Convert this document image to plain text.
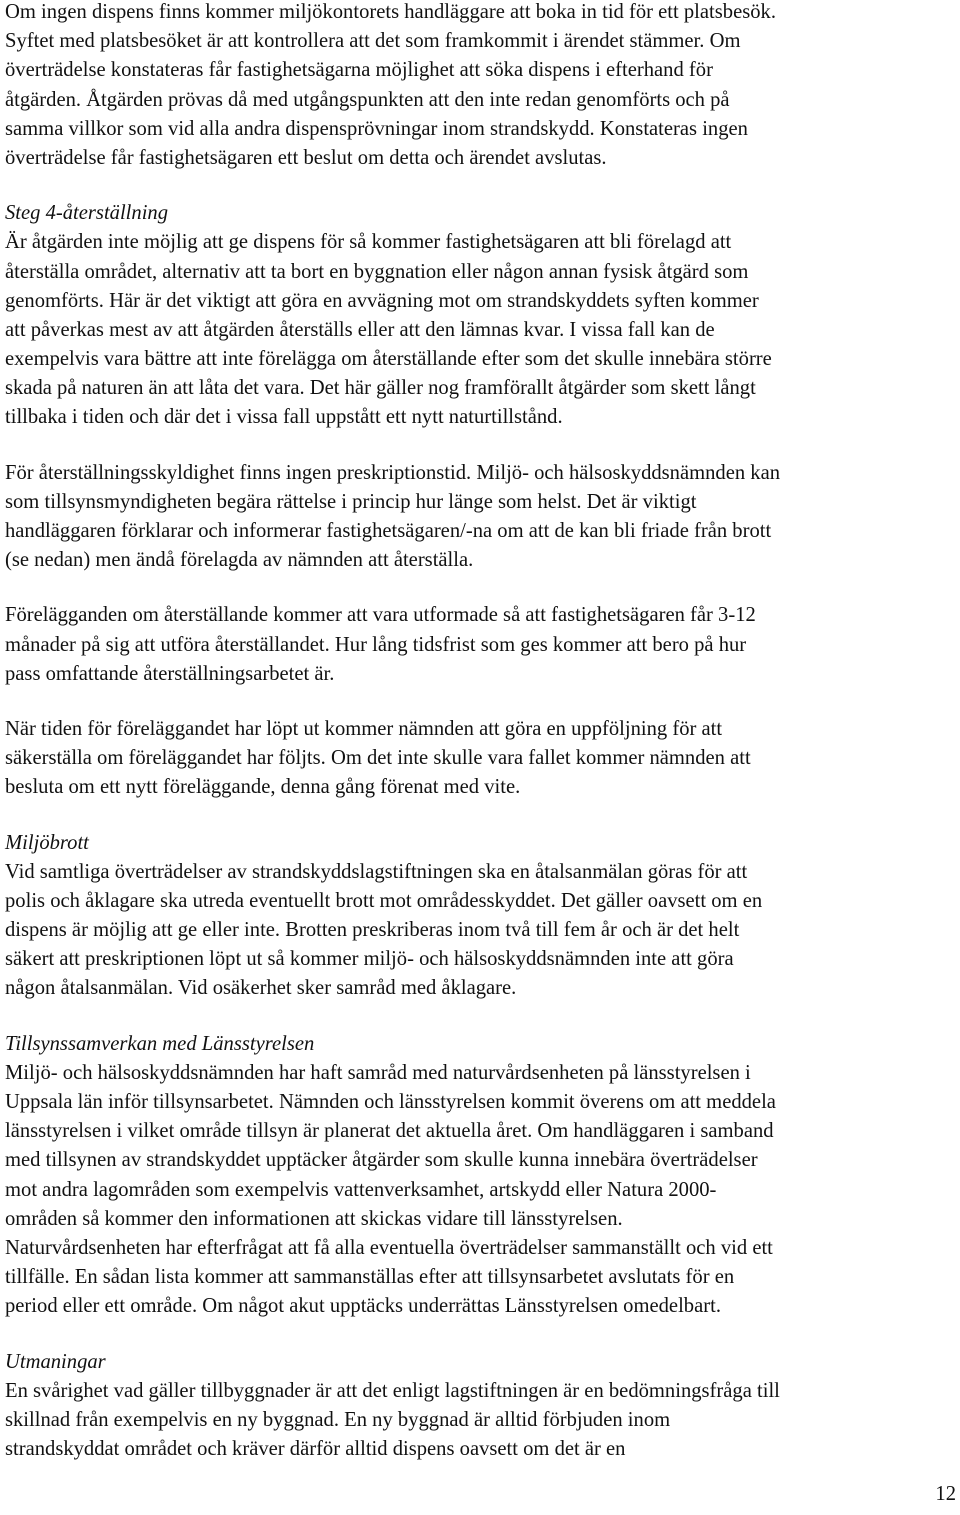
Om ingen dispens finns kommer miljökontorets handläggare att boka in tid för ett platsbesök.
Syftet med platsbesöket är att kontrollera att det som framkommit i ärendet stämmer. Om
överträdelse konstateras får fastighetsägarna möjlighet att söka dispens i efterhand för
åtgärden. Åtgärden prövas då med utgångspunkten att den inte redan genomförts och på
samma villkor som vid alla andra dispensprövningar inom strandskydd. Konstateras ingen
överträdelse får fastighetsägaren ett beslut om detta och ärendet avslutas.
Steg 4-återställning
Är åtgärden inte möjlig att ge dispens för så kommer fastighetsägaren att bli förelagd att
återställa området, alternativ att ta bort en byggnation eller någon annan fysisk åtgärd som
genomförts. Här är det viktigt att göra en avvägning mot om strandskyddets syften kommer
att påverkas mest av att åtgärden återställs eller att den lämnas kvar. I vissa fall kan de
exempelvis vara bättre att inte förelägga om återställande efter som det skulle innebära större
skada på naturen än att låta det vara. Det här gäller nog framförallt åtgärder som skett långt
tillbaka i tiden och där det i vissa fall uppstått ett nytt naturtillstånd.
För återställningsskyldighet finns ingen preskriptionstid. Miljö- och hälsoskyddsnämnden kan
som tillsynsmyndigheten begära rättelse i princip hur länge som helst. Det är viktigt
handläggaren förklarar och informerar fastighetsägaren/-na om att de kan bli friade från brott
(se nedan) men ändå förelagda av nämnden att återställa.
Förelägganden om återställande kommer att vara utformade så att fastighetsägaren får 3-12
månader på sig att utföra återställandet. Hur lång tidsfrist som ges kommer att bero på hur
pass omfattande återställningsarbetet är.
När tiden för föreläggandet har löpt ut kommer nämnden att göra en uppföljning för att
säkerställa om föreläggandet har följts. Om det inte skulle vara fallet kommer nämnden att
besluta om ett nytt föreläggande, denna gång förenat med vite.
Miljöbrott
Vid samtliga överträdelser av strandskyddslagstiftningen ska en åtalsanmälan göras för att
polis och åklagare ska utreda eventuellt brott mot områdesskyddet. Det gäller oavsett om en
dispens är möjlig att ge eller inte. Brotten preskriberas inom två till fem år och är det helt
säkert att preskriptionen löpt ut så kommer miljö- och hälsoskyddsnämnden inte att göra
någon åtalsanmälan. Vid osäkerhet sker samråd med åklagare.
Tillsynssamverkan med Länsstyrelsen
Miljö- och hälsoskyddsnämnden har haft samråd med naturvårdsenheten på länsstyrelsen i
Uppsala län inför tillsynsarbetet. Nämnden och länsstyrelsen kommit överens om att meddela
länsstyrelsen i vilket område tillsyn är planerat det aktuella året. Om handläggaren i samband
med tillsynen av strandskyddet upptäcker åtgärder som skulle kunna innebära överträdelser
mot andra lagområden som exempelvis vattenverksamhet, artskydd eller Natura 2000-
områden så kommer den informationen att skickas vidare till länsstyrelsen.
Naturvårdsenheten har efterfrågat att få alla eventuella överträdelser sammanställt och vid ett
tillfälle. En sådan lista kommer att sammanställas efter att tillsynsarbetet avslutats för en
period eller ett område. Om något akut upptäcks underrättas Länsstyrelsen omedelbart.
Utmaningar
En svårighet vad gäller tillbyggnader är att det enligt lagstiftningen är en bedömningsfråga till
skillnad från exempelvis en ny byggnad. En ny byggnad är alltid förbjuden inom
strandskyddat området och kräver därför alltid dispens oavsett om det är en
12
